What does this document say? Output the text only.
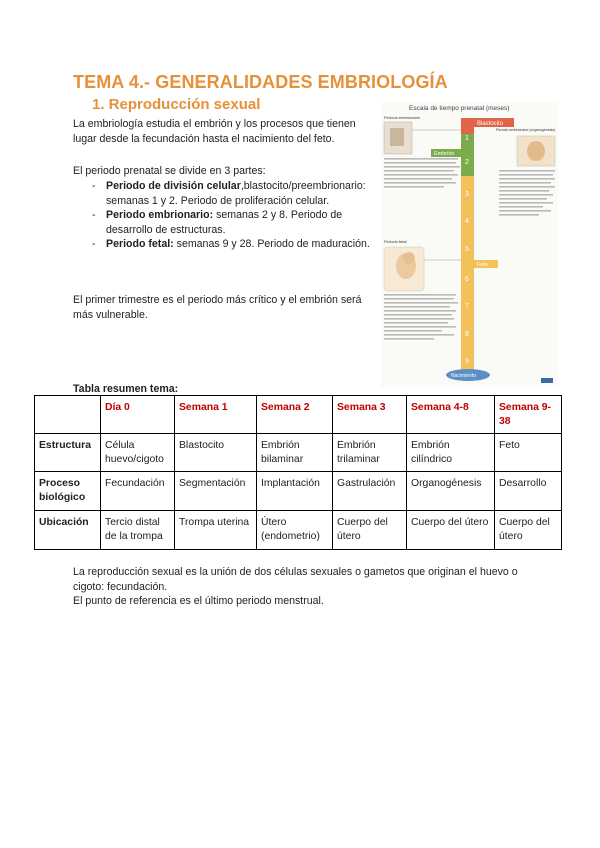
TEMA 4.- GENERALIDADES EMBRIOLOGÍA
1. Reproducción sexual

La embriología estudia el embrión y los procesos que tienen lugar desde la fecundación hasta el nacimiento del feto.

El periodo prenatal se divide en 3 partes:

- Periodo de división celular,blastocito/preembrionario: semanas 1 y 2. Periodo de proliferación celular.
- Periodo embrionario: semanas 2 y 8. Periodo de desarrollo de estructuras.
- Periodo fetal: semanas 9 y 28. Periodo de maduración.

El primer trimestre es el periodo más crítico y el embrión será más vulnerable.

Escala de tiempo prenatal (meses)
Periodo embrionario
Periodo fetal
Periodo embrionario (organogénesis)
1
2
3
4
5
6
7
8
9
Blastocito
Embrión
Feto
Nacimiento

Tabla resumen tema:

	Día 0	Semana 1	Semana 2	Semana 3	Semana 4-8	Semana 9-38
Estructura	Célula huevo/cigoto	Blastocito	Embrión bilaminar	Embrión trilaminar	Embrión cilíndrico	Feto
Proceso biológico	Fecundación	Segmentación	Implantación	Gastrulación	Organogénesis	Desarrollo
Ubicación	Tercio distal de la trompa	Trompa uterina	Útero (endometrio)	Cuerpo del útero	Cuerpo del útero	Cuerpo del útero

La reproducción sexual es la unión de dos células sexuales o gametos que originan el huevo o cigoto: fecundación.

El punto de referencia es el último periodo menstrual.
